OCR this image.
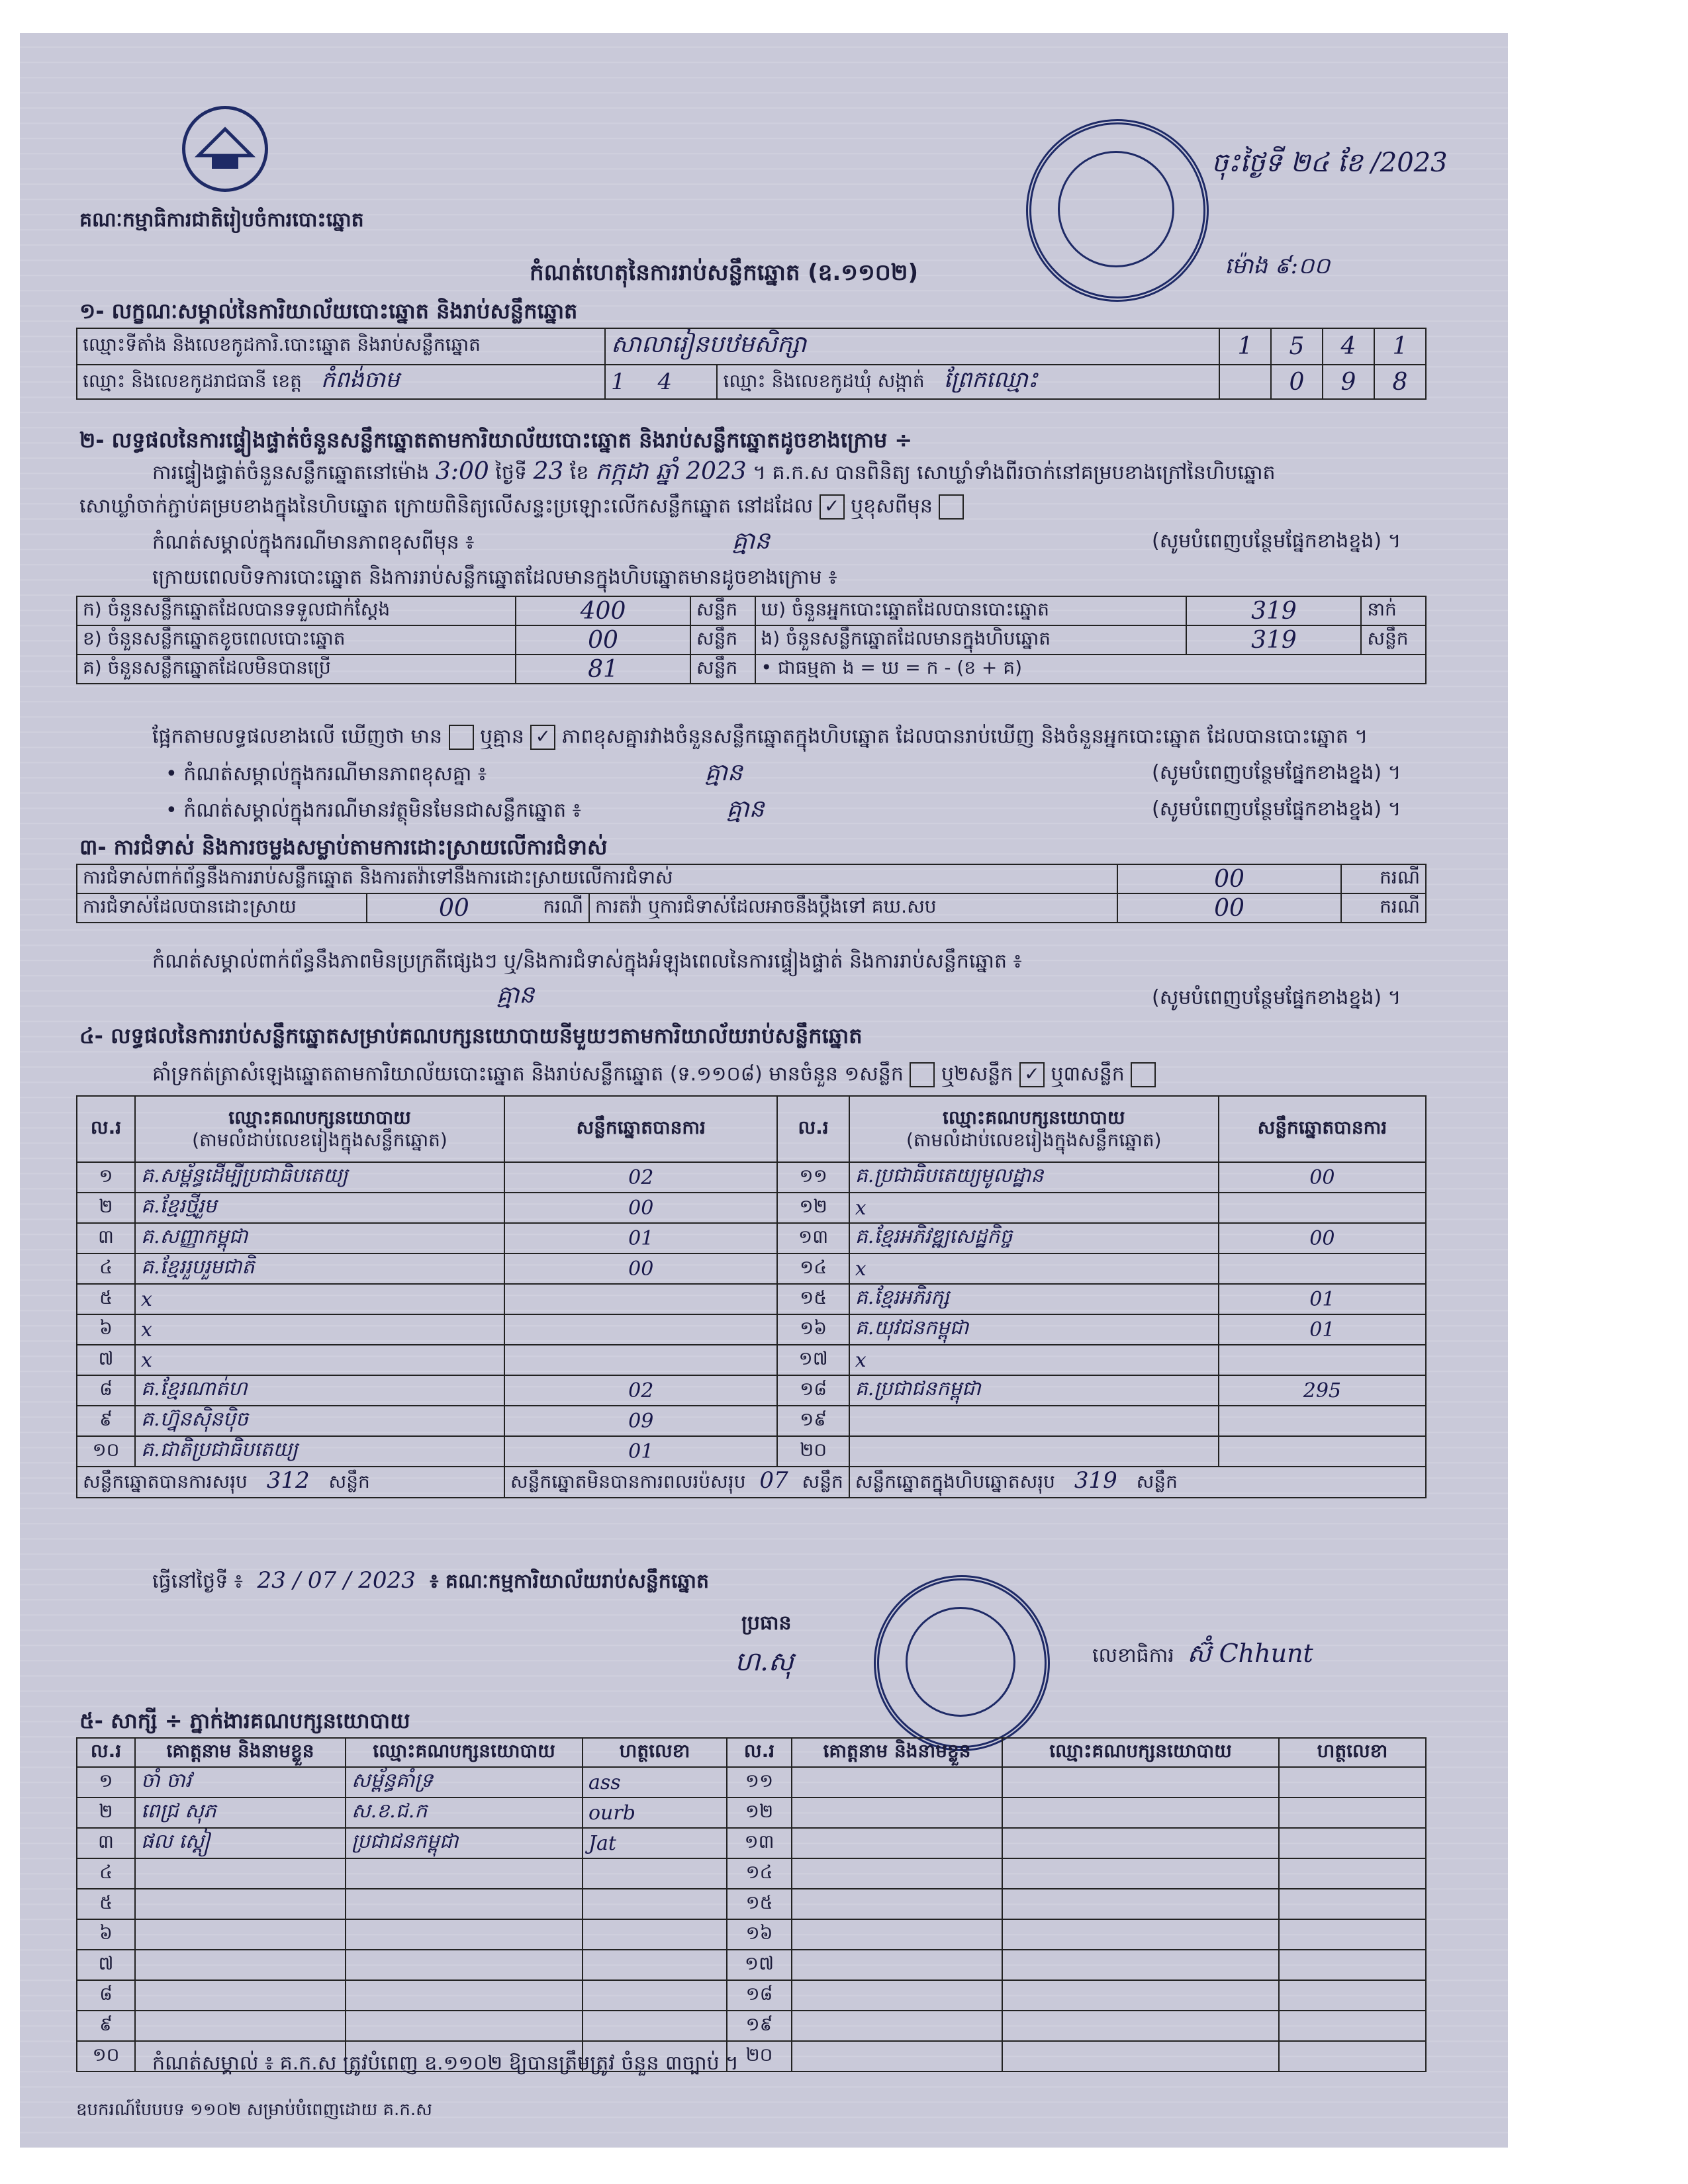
គណៈកម្មាធិការជាតិរៀបចំការបោះឆ្នោត
ចុះថ្ងៃទី ២៤ ខែ /2023
ម៉ោង ៩:០០
កំណត់ហេតុនៃការរាប់សន្លឹកឆ្នោត (ឧ.១១០២)
១- លក្ខណៈសម្គាល់នៃការិយាល័យបោះឆ្នោត និងរាប់សន្លឹកឆ្នោត
ឈ្មោះទីតាំង និងលេខកូដការិ.បោះឆ្នោត និងរាប់សន្លឹកឆ្នោត	សាលារៀនបឋមសិក្សា		1	5	4	1
ឈ្មោះ និងលេខកូដរាជធានី ខេត្ត កំពង់ចាម	1 4	ឈ្មោះ និងលេខកូដឃុំ សង្កាត់ ព្រែកឈ្មោះ		0	9	8
២- លទ្ធផលនៃការផ្ទៀងផ្ទាត់ចំនួនសន្លឹកឆ្នោតតាមការិយាល័យបោះឆ្នោត និងរាប់សន្លឹកឆ្នោតដូចខាងក្រោម ÷
ការផ្ទៀងផ្ទាត់ចំនួនសន្លឹកឆ្នោតនៅម៉ោង 3:00 ថ្ងៃទី 23 ខែ កក្កដា ឆ្នាំ 2023 ។ គ.ក.ស បានពិនិត្យ សោឃ្លាំទាំងពីរចាក់នៅគម្របខាងក្រៅនៃហិបឆ្នោត
សោឃ្លាំចាក់ភ្ជាប់គម្របខាងក្នុងនៃហិបឆ្នោត ក្រោយពិនិត្យលើសន្ទះប្រឡោះលើកសន្លឹកឆ្នោត នៅដដែល ✓ ឬខុសពីមុន
កំណត់សម្គាល់ក្នុងករណីមានភាពខុសពីមុន ៖	គ្មាន	(សូមបំពេញបន្ថែមផ្នែកខាងខ្នង) ។
ក្រោយពេលបិទការបោះឆ្នោត និងការរាប់សន្លឹកឆ្នោតដែលមានក្នុងហិបឆ្នោតមានដូចខាងក្រោម ៖
ក) ចំនួនសន្លឹកឆ្នោតដែលបានទទួលជាក់ស្តែង	400	សន្លឹក	ឃ) ចំនួនអ្នកបោះឆ្នោតដែលបានបោះឆ្នោត	319	នាក់
ខ) ចំនួនសន្លឹកឆ្នោតខូចពេលបោះឆ្នោត	00	សន្លឹក	ង) ចំនួនសន្លឹកឆ្នោតដែលមានក្នុងហិបឆ្នោត	319	សន្លឹក
គ) ចំនួនសន្លឹកឆ្នោតដែលមិនបានប្រើ	81	សន្លឹក	• ជាធម្មតា ង = ឃ = ក - (ខ + គ)		
ផ្អែកតាមលទ្ធផលខាងលើ ឃើញថា មាន ឬគ្មាន ✓ ភាពខុសគ្នារវាងចំនួនសន្លឹកឆ្នោតក្នុងហិបឆ្នោត ដែលបានរាប់ឃើញ និងចំនួនអ្នកបោះឆ្នោត ដែលបានបោះឆ្នោត ។
• កំណត់សម្គាល់ក្នុងករណីមានភាពខុសគ្នា ៖	គ្មាន	(សូមបំពេញបន្ថែមផ្នែកខាងខ្នង) ។
• កំណត់សម្គាល់ក្នុងករណីមានវត្ថុមិនមែនជាសន្លឹកឆ្នោត ៖	គ្មាន	(សូមបំពេញបន្ថែមផ្នែកខាងខ្នង) ។
៣- ការជំទាស់ និងការចម្លងសម្លាប់តាមការដោះស្រាយលើការជំទាស់
ការជំទាស់ពាក់ព័ន្ធនឹងការរាប់សន្លឹកឆ្នោត និងការតវ៉ាទៅនឹងការដោះស្រាយលើការជំទាស់			00	ករណី
ការជំទាស់ដែលបានដោះស្រាយ	00 ករណី	ការតវ៉ា ឬការជំទាស់ដែលអាចនឹងប្តឹងទៅ គឃ.សប	00	ករណី
កំណត់សម្គាល់ពាក់ព័ន្ធនឹងភាពមិនប្រក្រតីផ្សេងៗ ឬ/និងការជំទាស់ក្នុងអំឡុងពេលនៃការផ្ទៀងផ្ទាត់ និងការរាប់សន្លឹកឆ្នោត ៖
គ្មាន	(សូមបំពេញបន្ថែមផ្នែកខាងខ្នង) ។
៤- លទ្ធផលនៃការរាប់សន្លឹកឆ្នោតសម្រាប់គណបក្សនយោបាយនីមួយៗតាមការិយាល័យរាប់សន្លឹកឆ្នោត
គាំទ្រកត់ត្រាសំឡេងឆ្នោតតាមការិយាល័យបោះឆ្នោត និងរាប់សន្លឹកឆ្នោត (ទ.១១០៨) មានចំនួន ១សន្លឹក ឬ២សន្លឹក ✓ ឬ៣សន្លឹក
ល.រ	ឈ្មោះគណបក្សនយោបាយ
(តាមលំដាប់លេខរៀងក្នុងសន្លឹកឆ្នោត)	សន្លឹកឆ្នោតបានការ	ល.រ	ឈ្មោះគណបក្សនយោបាយ
(តាមលំដាប់លេខរៀងក្នុងសន្លឹកឆ្នោត)	សន្លឹកឆ្នោតបានការ
១	គ.សម្ព័ន្ធដើម្បីប្រជាធិបតេយ្យ	02	១១	គ.ប្រជាធិបតេយ្យមូលដ្ឋាន	00
២	គ.ខ្មែរថ្មីរួម	00	១២	x	
៣	គ.សញ្ញាកម្ពុជា	01	១៣	គ.ខ្មែរអភិវឌ្ឍសេដ្ឋកិច្ច	00
៤	គ.ខ្មែររួបរួមជាតិ	00	១៤	x	
៥	x		១៥	គ.ខ្មែរអភិរក្ស	01
៦	x		១៦	គ.យុវជនកម្ពុជា	01
៧	x		១៧	x	
៨	គ.ខ្មែរណាត់ហ	02	១៨	គ.ប្រជាជនកម្ពុជា	295
៩	គ.ហ្វ៊ុនស៊ិនប៉ិច	09	១៩		
១០	គ.ជាតិប្រជាធិបតេយ្យ	01	២០		
សន្លឹកឆ្នោតបានការសរុប 312 សន្លឹក		សន្លឹកឆ្នោតមិនបានការពលរប៉សរុប 07 សន្លឹក		សន្លឹកឆ្នោតក្នុងហិបឆ្នោតសរុប 319 សន្លឹក	
ធ្វើនៅថ្ងៃទី ៖ 23 / 07 / 2023 ៖ គណៈកម្មការិយាល័យរាប់សន្លឹកឆ្នោត
ប្រធាន
ហ.សុ	លេខាធិការ ស៊ំ Chhunt
៥- សាក្សី ÷ ភ្នាក់ងារគណបក្សនយោបាយ
ល.រ	គោត្តនាម និងនាមខ្លួន	ឈ្មោះគណបក្សនយោបាយ	ហត្ថលេខា	ល.រ	គោត្តនាម និងនាមខ្លួន	ឈ្មោះគណបក្សនយោបាយ	ហត្ថលេខា
១	ចាំ ចាវ	សម្ព័ន្ធគាំទ្រ	ass	១១			
២	ពេជ្រ សុភ	ស.ខ.ជ.ក	ourb	១២			
៣	ផល ស្ដៀ	ប្រជាជនកម្ពុជា	Jat	១៣			
៤				១៤			
៥				១៥			
៦				១៦			
៧				១៧			
៨				១៨			
៩				១៩			
១០				២០			
កំណត់សម្គាល់ ៖ គ.ក.ស ត្រូវបំពេញ ឧ.១១០២ ឱ្យបានត្រឹមត្រូវ ចំនួន ៣ច្បាប់ ។
ឧបករណ៍បែបបទ ១១០២ សម្រាប់បំពេញដោយ គ.ក.ស
